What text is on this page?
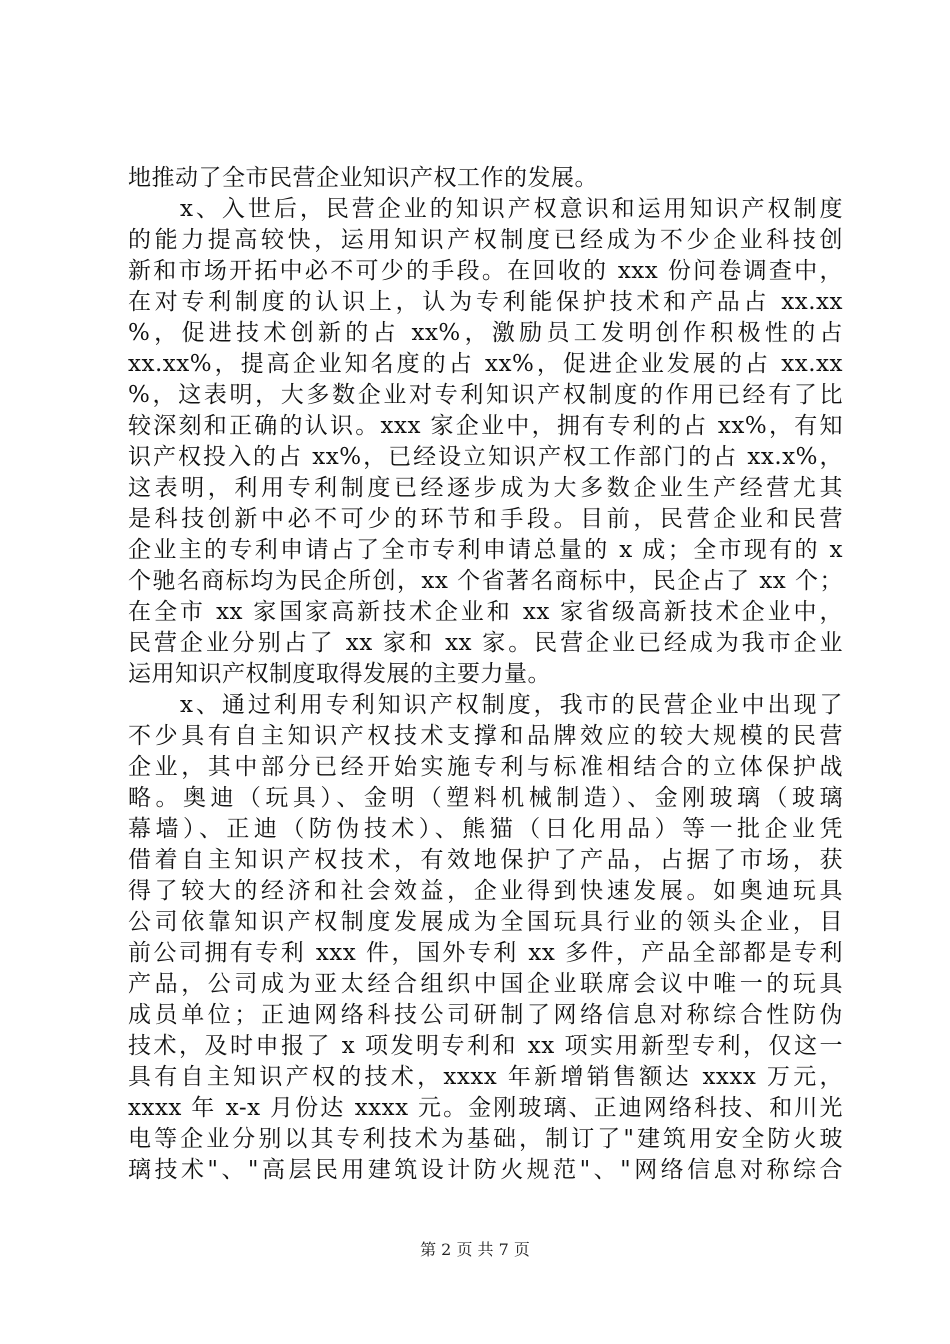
地推动了全市民营企业知识产权工作的发展。
　　x、入世后，民营企业的知识产权意识和运用知识产权制度
的能力提高较快，运用知识产权制度已经成为不少企业科技创
新和市场开拓中必不可少的手段。在回收的 xxx 份问卷调查中，
在对专利制度的认识上，认为专利能保护技术和产品占 xx.xx
%，促进技术创新的占 xx%，激励员工发明创作积极性的占
xx.xx%，提高企业知名度的占 xx%，促进企业发展的占 xx.xx
%，这表明，大多数企业对专利知识产权制度的作用已经有了比
较深刻和正确的认识。xxx 家企业中，拥有专利的占 xx%，有知
识产权投入的占 xx%，已经设立知识产权工作部门的占 xx.x%，
这表明，利用专利制度已经逐步成为大多数企业生产经营尤其
是科技创新中必不可少的环节和手段。目前，民营企业和民营
企业主的专利申请占了全市专利申请总量的 x 成；全市现有的 x
个驰名商标均为民企所创，xx 个省著名商标中，民企占了 xx 个；
在全市 xx 家国家高新技术企业和 xx 家省级高新技术企业中，
民营企业分别占了 xx 家和 xx 家。民营企业已经成为我市企业
运用知识产权制度取得发展的主要力量。
　　x、通过利用专利知识产权制度，我市的民营企业中出现了
不少具有自主知识产权技术支撑和品牌效应的较大规模的民营
企业，其中部分已经开始实施专利与标准相结合的立体保护战
略。奥迪（玩具）、金明（塑料机械制造）、金刚玻璃（玻璃
幕墙）、正迪（防伪技术）、熊猫（日化用品）等一批企业凭
借着自主知识产权技术，有效地保护了产品，占据了市场，获
得了较大的经济和社会效益，企业得到快速发展。如奥迪玩具
公司依靠知识产权制度发展成为全国玩具行业的领头企业，目
前公司拥有专利 xxx 件，国外专利 xx 多件，产品全部都是专利
产品，公司成为亚太经合组织中国企业联席会议中唯一的玩具
成员单位；正迪网络科技公司研制了网络信息对称综合性防伪
技术，及时申报了 x 项发明专利和 xx 项实用新型专利，仅这一
具有自主知识产权的技术，xxxx 年新增销售额达 xxxx 万元，
xxxx 年 x-x 月份达 xxxx 元。金刚玻璃、正迪网络科技、和川光
电等企业分别以其专利技术为基础，制订了"建筑用安全防火玻
璃技术"、"高层民用建筑设计防火规范"、"网络信息对称综合
第 2 页 共 7 页
